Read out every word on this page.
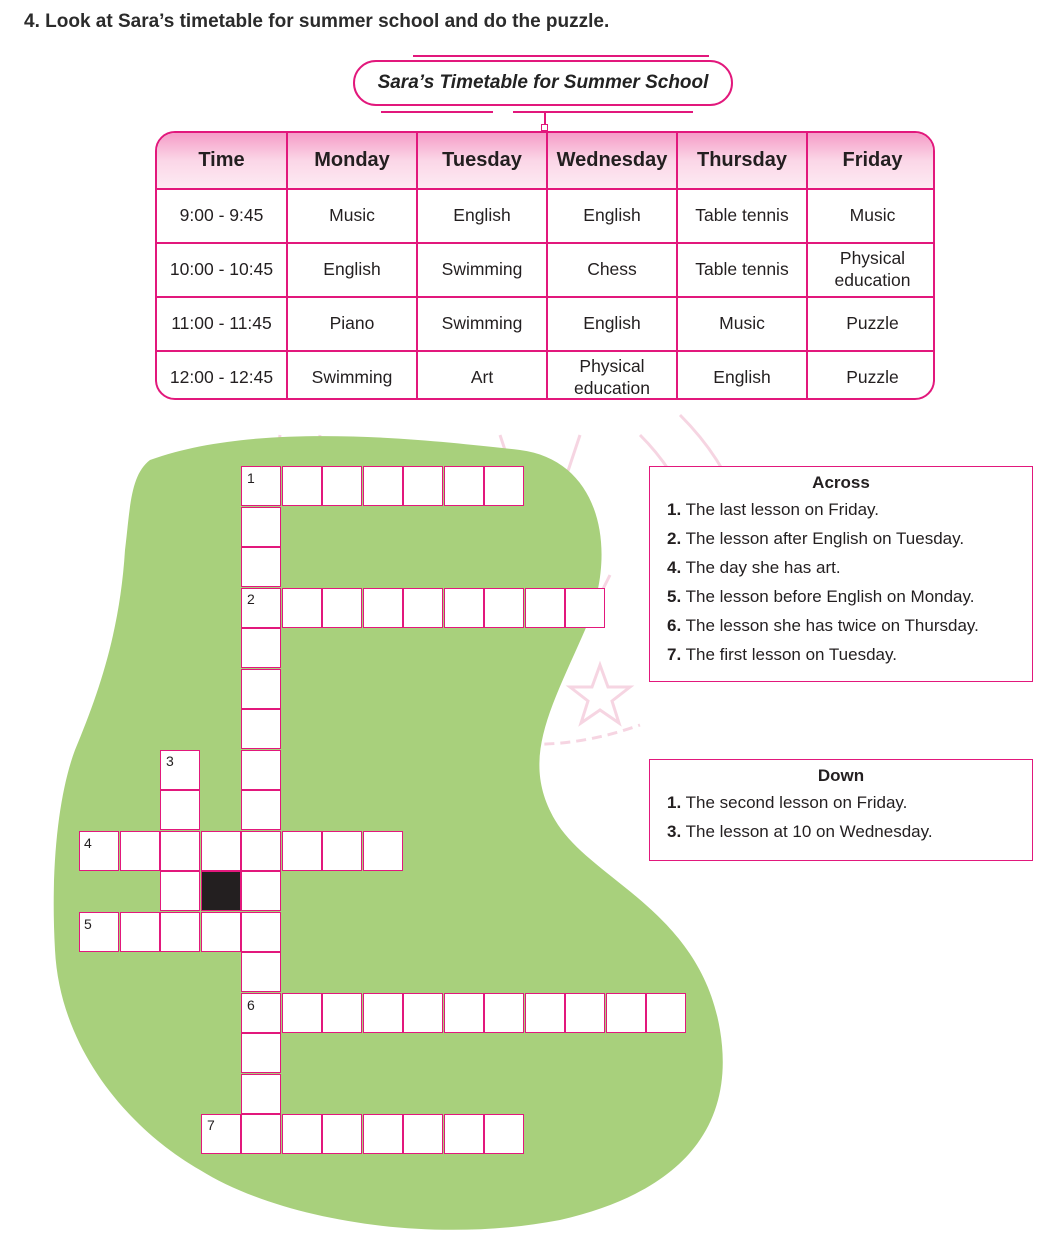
4. Look at Sara’s timetable for summer school and do the puzzle.
Sara’s Timetable for Summer School
Time	Monday	Tuesday	Wednesday	Thursday	Friday
9:00 - 9:45	Music	English	English	Table tennis	Music
10:00 - 10:45	English	Swimming	Chess	Table tennis	Physical education
11:00 - 11:45	Piano	Swimming	English	Music	Puzzle
12:00 - 12:45	Swimming	Art	Physical education	English	Puzzle
1
2
3
4
5
6
7
Across
1. The last lesson on Friday.
2. The lesson after English on Tuesday.
4. The day she has art.
5. The lesson before English on Monday.
6. The lesson she has twice on Thursday.
7. The first lesson on Tuesday.
Down
1. The second lesson on Friday.
3. The lesson at 10 on Wednesday.
